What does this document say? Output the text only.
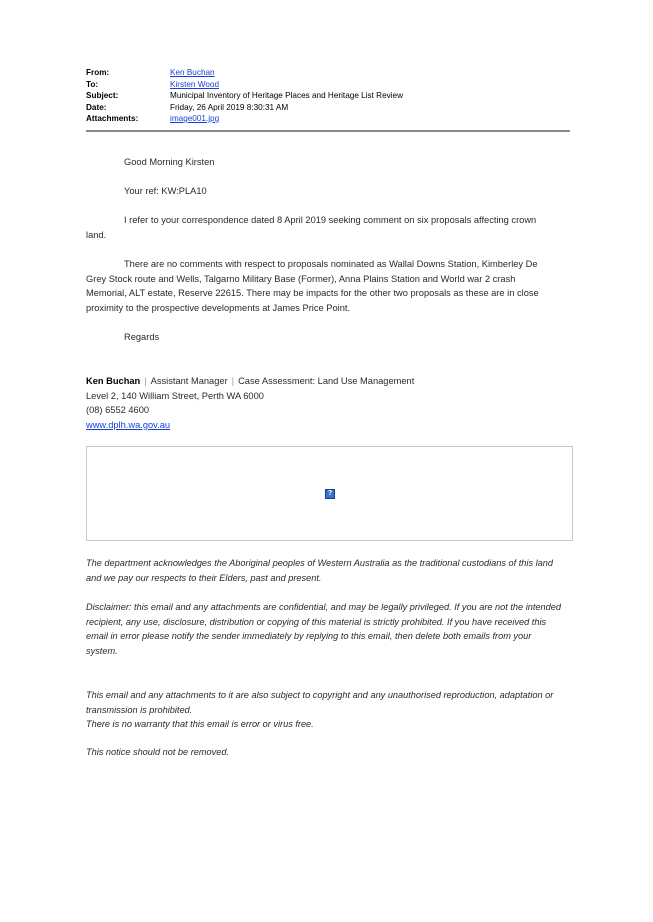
From:	Ken Buchan
To:	Kirsten Wood
Subject:	Municipal Inventory of Heritage Places and Heritage List Review
Date:	Friday, 26 April 2019 8:30:31 AM
Attachments:	image001.jpg
Good Morning Kirsten
Your ref: KW:PLA10
I refer to your correspondence dated 8 April 2019 seeking comment on six proposals affecting crown land.
There are no comments with respect to proposals nominated as Wallal Downs Station, Kimberley De Grey Stock route and Wells, Talgarno Military Base (Former), Anna Plains Station and World war 2 crash Memorial, ALT estate, Reserve 22615. There may be impacts for the other two proposals as these are in close proximity to the prospective developments at James Price Point.
Regards
Ken Buchan | Assistant Manager | Case Assessment: Land Use Management
Level 2, 140 William Street, Perth WA 6000
(08) 6552 4600
www.dplh.wa.gov.au
?
The department acknowledges the Aboriginal peoples of Western Australia as the traditional custodians of this land and we pay our respects to their Elders, past and present.
Disclaimer: this email and any attachments are confidential, and may be legally privileged. If you are not the intended recipient, any use, disclosure, distribution or copying of this material is strictly prohibited. If you have received this email in error please notify the sender immediately by replying to this email, then delete both emails from your system.
This email and any attachments to it are also subject to copyright and any unauthorised reproduction, adaptation or transmission is prohibited.
There is no warranty that this email is error or virus free.
This notice should not be removed.
